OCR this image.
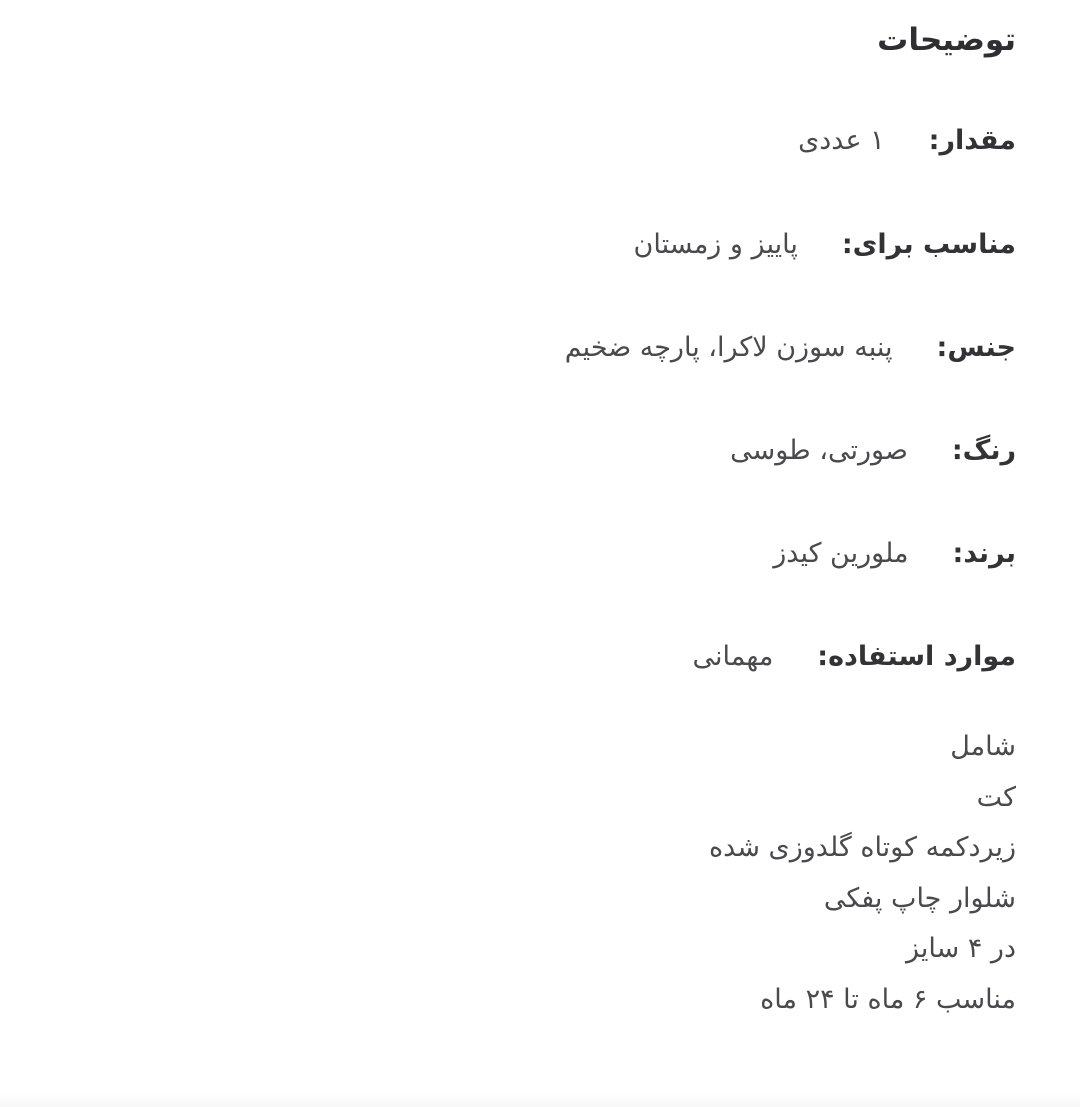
توضیحات
مقدار:
۱ عددی
مناسب برای:
پاییز و زمستان
جنس:
پنبه سوزن لاکرا، پارچه ضخیم
رنگ:
صورتی، طوسی
برند:
ملورین کیدز
موارد استفاده:
مهمانی
شامل
کت
زیردکمه کوتاه گلدوزی شده
شلوار چاپ پفکی
در ۴ سایز
مناسب ۶ ماه تا ۲۴ ماه
